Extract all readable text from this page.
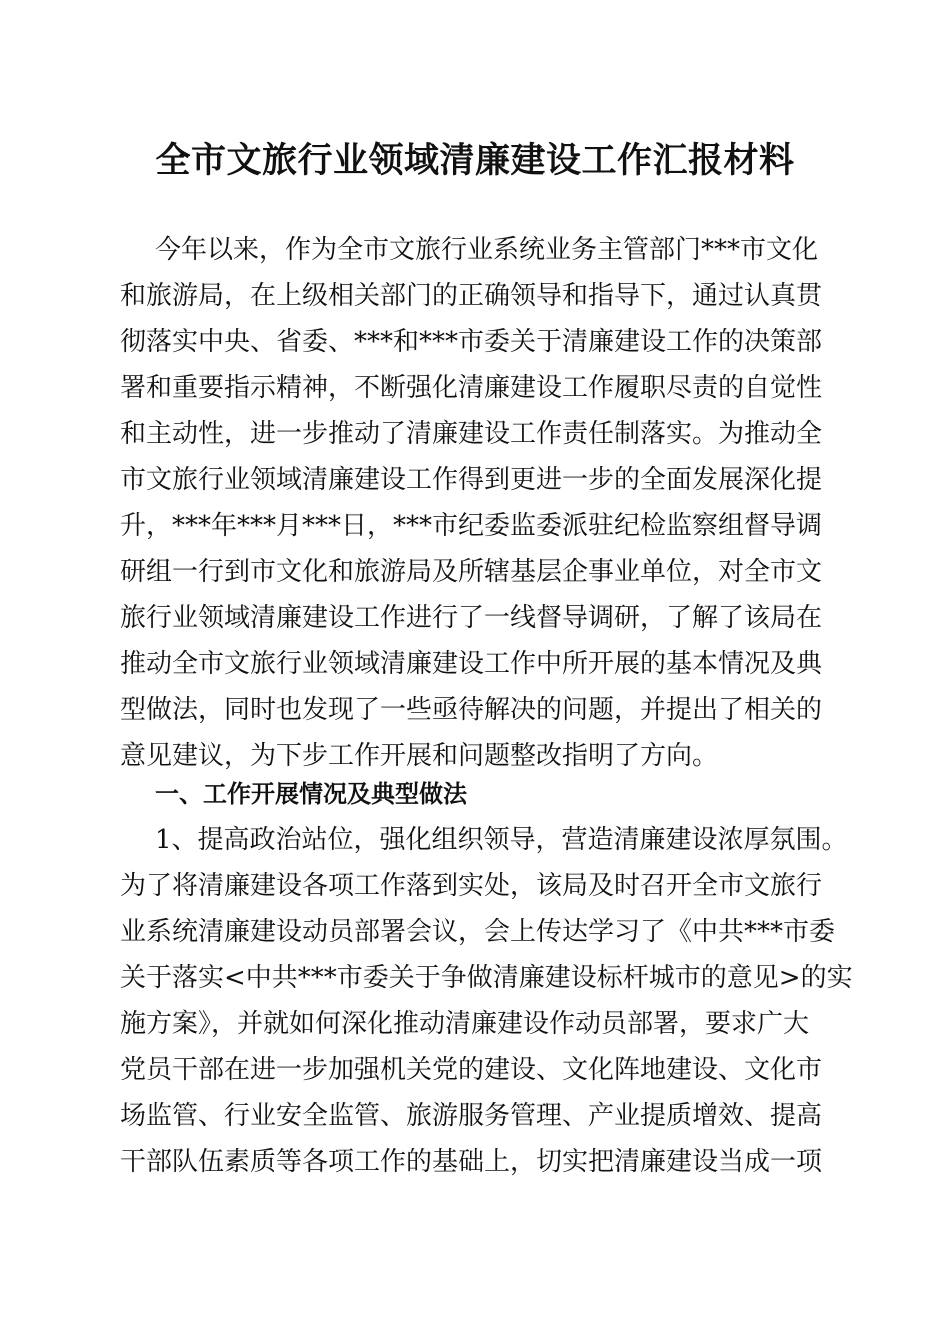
全市文旅行业领域清廉建设工作汇报材料
今年以来，作为全市文旅行业系统业务主管部门***市文化
和旅游局，在上级相关部门的正确领导和指导下，通过认真贯
彻落实中央、省委、***和***市委关于清廉建设工作的决策部
署和重要指示精神，不断强化清廉建设工作履职尽责的自觉性
和主动性，进一步推动了清廉建设工作责任制落实。为推动全
市文旅行业领域清廉建设工作得到更进一步的全面发展深化提
升，***年***月***日，***市纪委监委派驻纪检监察组督导调
研组一行到市文化和旅游局及所辖基层企事业单位，对全市文
旅行业领域清廉建设工作进行了一线督导调研，了解了该局在
推动全市文旅行业领域清廉建设工作中所开展的基本情况及典
型做法，同时也发现了一些亟待解决的问题，并提出了相关的
意见建议，为下步工作开展和问题整改指明了方向。
一、工作开展情况及典型做法
1、提高政治站位，强化组织领导，营造清廉建设浓厚氛围。
为了将清廉建设各项工作落到实处，该局及时召开全市文旅行
业系统清廉建设动员部署会议，会上传达学习了《中共***市委
关于落实<中共***市委关于争做清廉建设标杆城市的意见>的实
施方案》，并就如何深化推动清廉建设作动员部署，要求广大
党员干部在进一步加强机关党的建设、文化阵地建设、文化市
场监管、行业安全监管、旅游服务管理、产业提质增效、提高
干部队伍素质等各项工作的基础上，切实把清廉建设当成一项
